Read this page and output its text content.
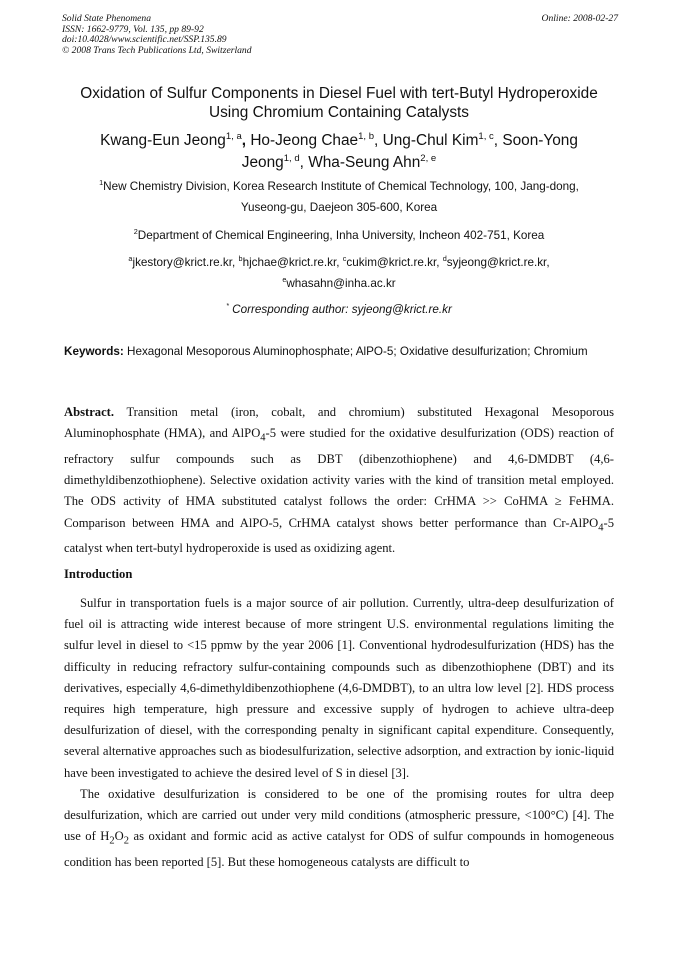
Solid State Phenomena
ISSN: 1662-9779, Vol. 135, pp 89-92
doi:10.4028/www.scientific.net/SSP.135.89
© 2008 Trans Tech Publications Ltd, Switzerland
Online: 2008-02-27
Oxidation of Sulfur Components in Diesel Fuel with tert-Butyl Hydroperoxide
Using Chromium Containing Catalysts
Kwang-Eun Jeong$^{1, a}$, Ho-Jeong Chae$^{1, b}$, Ung-Chul Kim$^{1, c}$, Soon-Yong
Jeong$^{1, d}$, Wha-Seung Ahn$^{2, e}$
$^1$New Chemistry Division, Korea Research Institute of Chemical Technology, 100, Jang-dong,
Yuseong-gu, Daejeon 305-600, Korea
$^2$Department of Chemical Engineering, Inha University, Incheon 402-751, Korea
$^a$jkestory@krict.re.kr, $^b$hjchae@krict.re.kr, $^c$cukim@krict.re.kr, $^d$syjeong@krict.re.kr,
$^e$whasahn@inha.ac.kr
* Corresponding author: syjeong@krict.re.kr
Keywords: Hexagonal Mesoporous Aluminophosphate; AlPO-5; Oxidative desulfurization; Chromium

Abstract. Transition metal (iron, cobalt, and chromium) substituted Hexagonal Mesoporous Aluminophosphate (HMA), and AlPO$_4$-5 were studied for the oxidative desulfurization (ODS) reaction of refractory sulfur compounds such as DBT (dibenzothiophene) and 4,6-DMDBT (4,6-dimethyldibenzothiophene). Selective oxidation activity varies with the kind of transition metal employed. The ODS activity of HMA substituted catalyst follows the order: CrHMA >> CoHMA ≥ FeHMA. Comparison between HMA and AlPO-5, CrHMA catalyst shows better performance than Cr-AlPO$_4$-5 catalyst when tert-butyl hydroperoxide is used as oxidizing agent.

Introduction

Sulfur in transportation fuels is a major source of air pollution. Currently, ultra-deep desulfurization of fuel oil is attracting wide interest because of more stringent U.S. environmental regulations limiting the sulfur level in diesel to <15 ppmw by the year 2006 [1]. Conventional hydrodesulfurization (HDS) has the difficulty in reducing refractory sulfur-containing compounds such as dibenzothiophene (DBT) and its derivatives, especially 4,6-dimethyldibenzothiophene (4,6-DMDBT), to an ultra low level [2]. HDS process requires high temperature, high pressure and excessive supply of hydrogen to achieve ultra-deep desulfurization of diesel, with the corresponding penalty in significant capital expenditure. Consequently, several alternative approaches such as biodesulfurization, selective adsorption, and extraction by ionic-liquid have been investigated to achieve the desired level of S in diesel [3].

The oxidative desulfurization is considered to be one of the promising routes for ultra deep desulfurization, which are carried out under very mild conditions (atmospheric pressure, <100°C) [4]. The use of $H_2O_2$ as oxidant and formic acid as active catalyst for ODS of sulfur compounds in homogeneous condition has been reported [5]. But these homogeneous catalysts are difficult to
